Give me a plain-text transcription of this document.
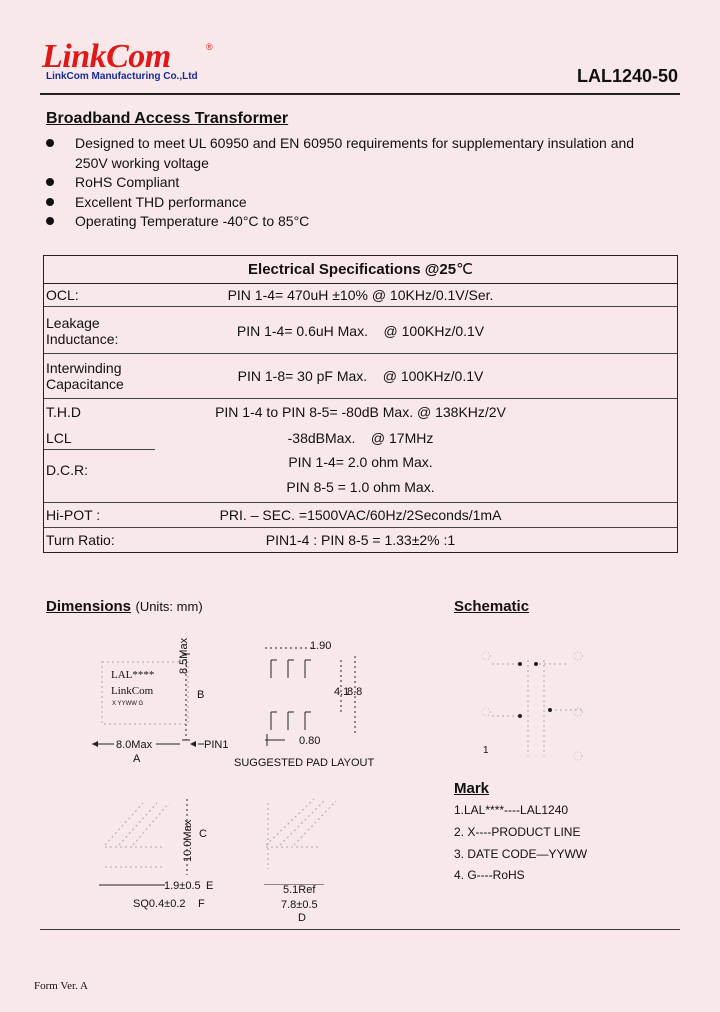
LinkCom	®
LinkCom Manufacturing Co.,Ltd	LAL1240-50
Broadband Access Transformer
Designed to meet UL 60950 and EN 60950 requirements for supplementary insulation and
250V working voltage
RoHS Compliant
Excellent THD performance
Operating Temperature -40°C to 85°C
Electrical Specifications @25℃
OCL:	PIN 1-4= 470uH ±10% @ 10KHz/0.1V/Ser.
Leakage
Inductance:	PIN 1-4= 0.6uH Max.    @ 100KHz/0.1V
Interwinding
Capacitance	PIN 1-8= 30 pF Max.    @ 100KHz/0.1V
T.H.D	PIN 1-4 to PIN 8-5= -80dB Max. @ 138KHz/2V
LCL	-38dBMax.    @ 17MHz
D.C.R:	PIN 1-4= 2.0 ohm Max.
PIN 8-5 = 1.0 ohm Max.
Hi-POT :	PRI. – SEC. =1500VAC/60Hz/2Seconds/1mA
Turn Ratio:	PIN1-4 : PIN 8-5 = 1.33±2% :1
Dimensions (Units: mm)
LAL****
LinkCom
X YYWW G
8.5Max
B
8.0Max
A
PIN1
1.90
4.1
8.8
0.80
SUGGESTED PAD LAYOUT
10.0Max C
1.9±0.5 E
SQ0.4±0.2 F
5.1Ref
7.8±0.5
D
Schematic
1
Mark
1.LAL****----LAL1240
2. X----PRODUCT LINE
3. DATE CODE—YYWW
4. G----RoHS
Form Ver. A
